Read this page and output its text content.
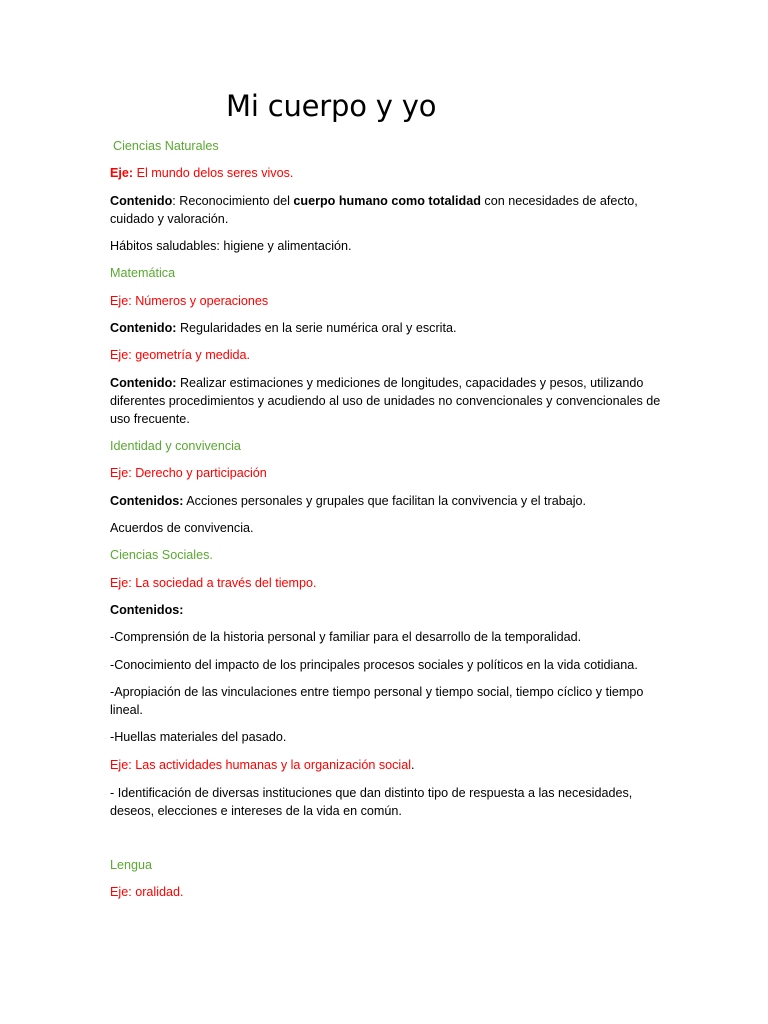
Mi cuerpo y yo

Ciencias Naturales

Eje: El mundo delos seres vivos.

Contenido: Reconocimiento del cuerpo humano como totalidad con necesidades de afecto, cuidado y valoración.

Hábitos saludables: higiene y alimentación.

Matemática

Eje: Números y operaciones

Contenido: Regularidades en la serie numérica oral y escrita.

Eje: geometría y medida.

Contenido: Realizar estimaciones y mediciones de longitudes, capacidades y pesos, utilizando diferentes procedimientos y acudiendo al uso de unidades no convencionales y convencionales de uso frecuente.

Identidad y convivencia

Eje: Derecho y participación

Contenidos: Acciones personales y grupales que facilitan la convivencia y el trabajo.

Acuerdos de convivencia.

Ciencias Sociales.

Eje: La sociedad a través del tiempo.

Contenidos:

-Comprensión de la historia personal y familiar para el desarrollo de la temporalidad.

-Conocimiento del impacto de los principales procesos sociales y políticos en la vida cotidiana.

-Apropiación de las vinculaciones entre tiempo personal y tiempo social, tiempo cíclico y tiempo lineal.

-Huellas materiales del pasado.

Eje: Las actividades humanas y la organización social.

- Identificación de diversas instituciones que dan distinto tipo de respuesta a las necesidades, deseos, elecciones e intereses de la vida en común.

Lengua

Eje: oralidad.
